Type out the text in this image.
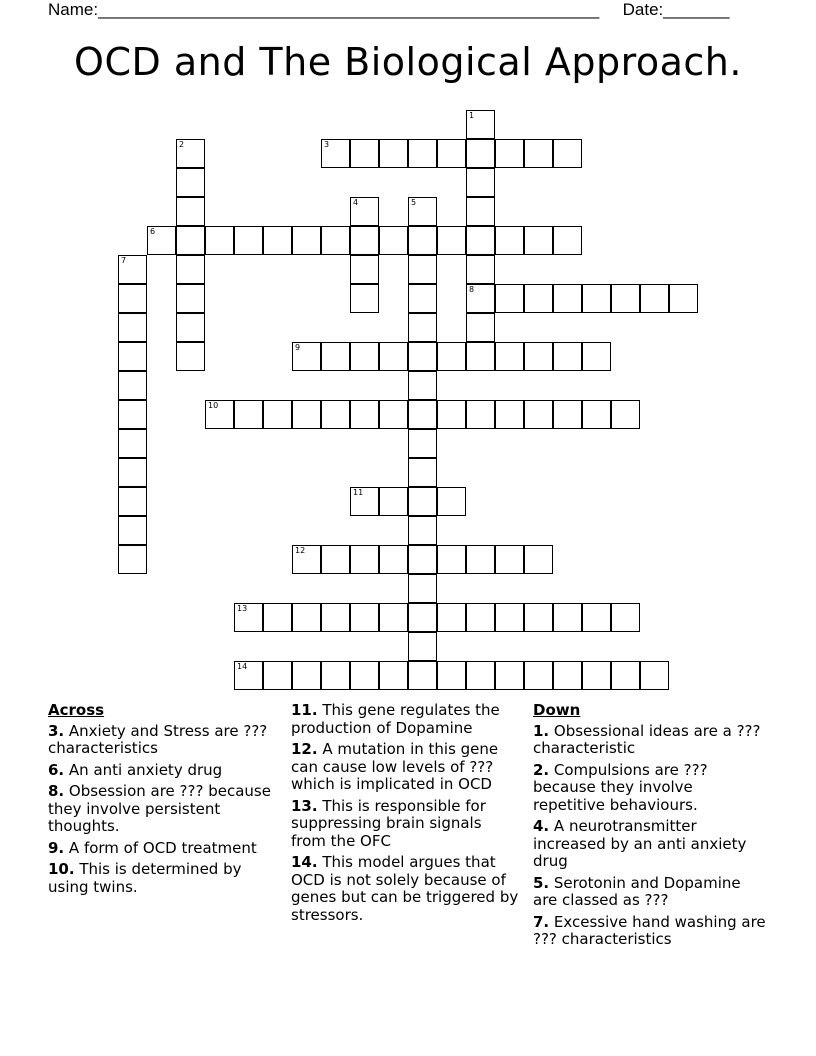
Name:_____________________________________________________ Date:_______
OCD and The Biological Approach.
1
8
2	3
4	5
6
7
9
10
11
12
13
14
Across
3. Anxiety and Stress are ??? characteristics
6. An anti anxiety drug
8. Obsession are ??? because they involve persistent thoughts.
9. A form of OCD treatment
10. This is determined by using twins.
11. This gene regulates the production of Dopamine
12. A mutation in this gene can cause low levels of ??? which is implicated in OCD
13. This is responsible for suppressing brain signals from the OFC
14. This model argues that OCD is not solely because of genes but can be triggered by stressors.
Down
1. Obsessional ideas are a ??? characteristic
2. Compulsions are ??? because they involve repetitive behaviours.
4. A neurotransmitter increased by an anti anxiety drug
5. Serotonin and Dopamine are classed as ???
7. Excessive hand washing are ??? characteristics
